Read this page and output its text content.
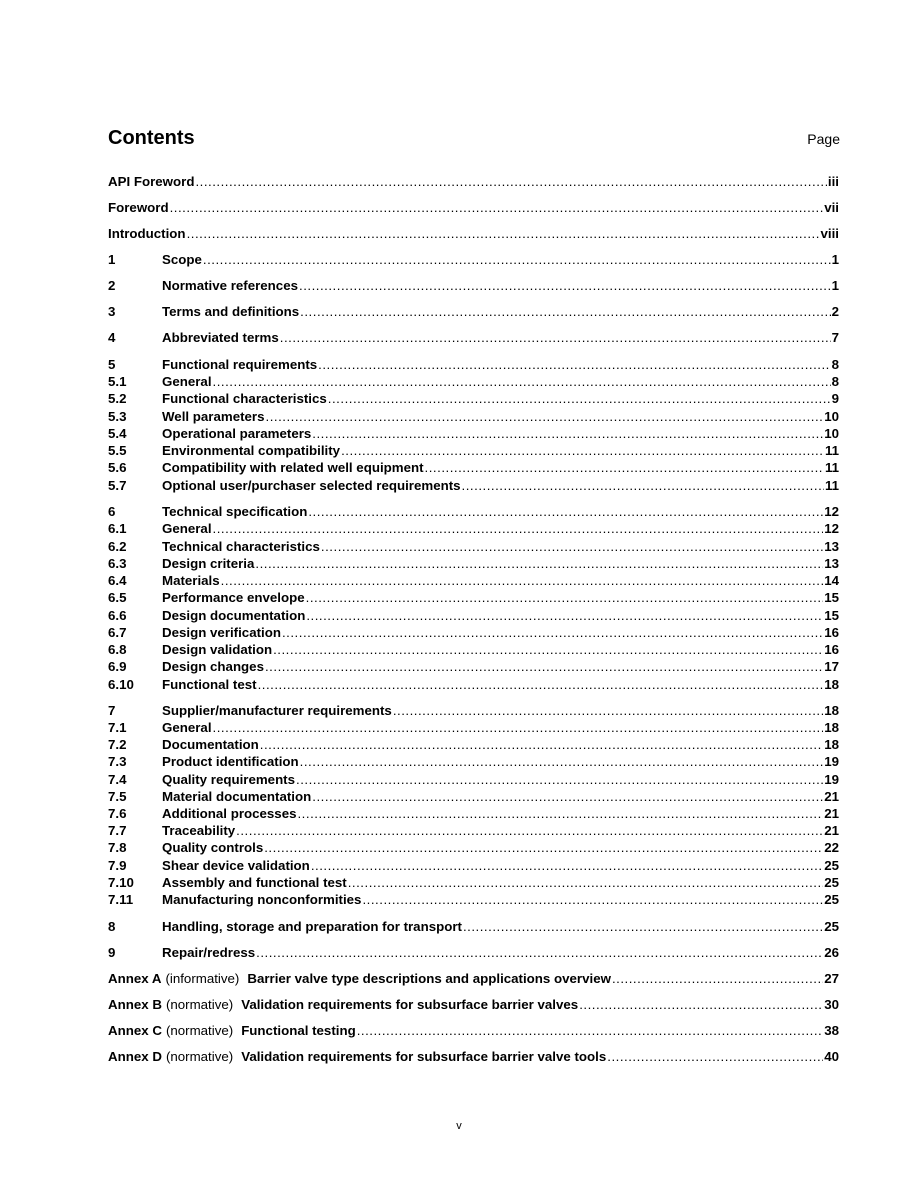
Contents	Page
API Foreword .....	iii
Foreword .....	vii
Introduction .....	viii
1	Scope .....	1
2	Normative references .....	1
3	Terms and definitions .....	2
4	Abbreviated terms .....	7
5	Functional requirements .....	8
5.1	General .....	8
5.2	Functional characteristics .....	9
5.3	Well parameters .....	10
5.4	Operational parameters .....	10
5.5	Environmental compatibility .....	11
5.6	Compatibility with related well equipment .....	11
5.7	Optional user/purchaser selected requirements .....	11
6	Technical specification .....	12
6.1	General .....	12
6.2	Technical characteristics .....	13
6.3	Design criteria .....	13
6.4	Materials .....	14
6.5	Performance envelope .....	15
6.6	Design documentation .....	15
6.7	Design verification .....	16
6.8	Design validation .....	16
6.9	Design changes .....	17
6.10	Functional test .....	18
7	Supplier/manufacturer requirements .....	18
7.1	General .....	18
7.2	Documentation .....	18
7.3	Product identification .....	19
7.4	Quality requirements .....	19
7.5	Material documentation .....	21
7.6	Additional processes .....	21
7.7	Traceability .....	21
7.8	Quality controls .....	22
7.9	Shear device validation .....	25
7.10	Assembly and functional test .....	25
7.11	Manufacturing nonconformities .....	25
8	Handling, storage and preparation for transport .....	25
9	Repair/redress .....	26
Annex A (informative) Barrier valve type descriptions and applications overview .....	27
Annex B (normative) Validation requirements for subsurface barrier valves .....	30
Annex C (normative) Functional testing .....	38
Annex D (normative) Validation requirements for subsurface barrier valve tools .....	40
v
